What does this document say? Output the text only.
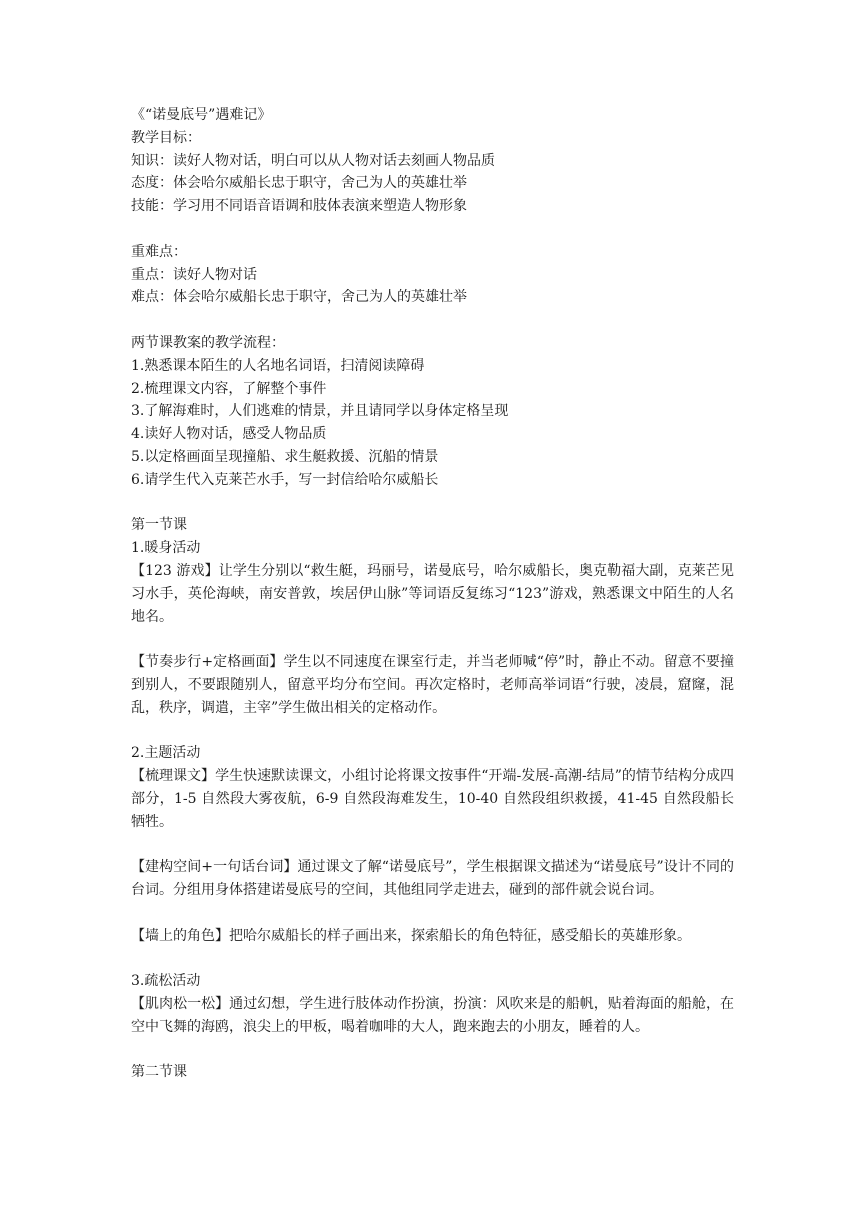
《“诺曼底号”遇难记》
教学目标：
知识：读好人物对话，明白可以从人物对话去刻画人物品质
态度：体会哈尔威船长忠于职守，舍己为人的英雄壮举
技能：学习用不同语音语调和肢体表演来塑造人物形象
重难点：
重点：读好人物对话
难点：体会哈尔威船长忠于职守，舍己为人的英雄壮举
两节课教案的教学流程：
1.熟悉课本陌生的人名地名词语，扫清阅读障碍
2.梳理课文内容，了解整个事件
3.了解海难时，人们逃难的情景，并且请同学以身体定格呈现
4.读好人物对话，感受人物品质
5.以定格画面呈现撞船、求生艇救援、沉船的情景
6.请学生代入克莱芒水手，写一封信给哈尔威船长
第一节课
1.暖身活动

【123 游戏】让学生分别以“救生艇，玛丽号，诺曼底号，哈尔威船长，奥克勒福大副，克莱芒见习水手，英伦海峡，南安普敦，埃居伊山脉”等词语反复练习“123”游戏，熟悉课文中陌生的人名地名。

【节奏步行+定格画面】学生以不同速度在课室行走，并当老师喊“停”时，静止不动。留意不要撞到别人，不要跟随别人，留意平均分布空间。再次定格时，老师高举词语“行驶，凌晨，窟窿，混乱，秩序，调遣，主宰”学生做出相关的定格动作。

2.主题活动

【梳理课文】学生快速默读课文，小组讨论将课文按事件“开端-发展-高潮-结局”的情节结构分成四部分，1-5 自然段大雾夜航，6-9 自然段海难发生，10-40 自然段组织救援，41-45 自然段船长牺牲。

【建构空间+一句话台词】通过课文了解“诺曼底号”，学生根据课文描述为“诺曼底号”设计不同的台词。分组用身体搭建诺曼底号的空间，其他组同学走进去，碰到的部件就会说台词。

【墙上的角色】把哈尔威船长的样子画出来，探索船长的角色特征，感受船长的英雄形象。

3.疏松活动

【肌肉松一松】通过幻想，学生进行肢体动作扮演，扮演：风吹来是的船帆，贴着海面的船舱，在空中飞舞的海鸥，浪尖上的甲板，喝着咖啡的大人，跑来跑去的小朋友，睡着的人。

第二节课
